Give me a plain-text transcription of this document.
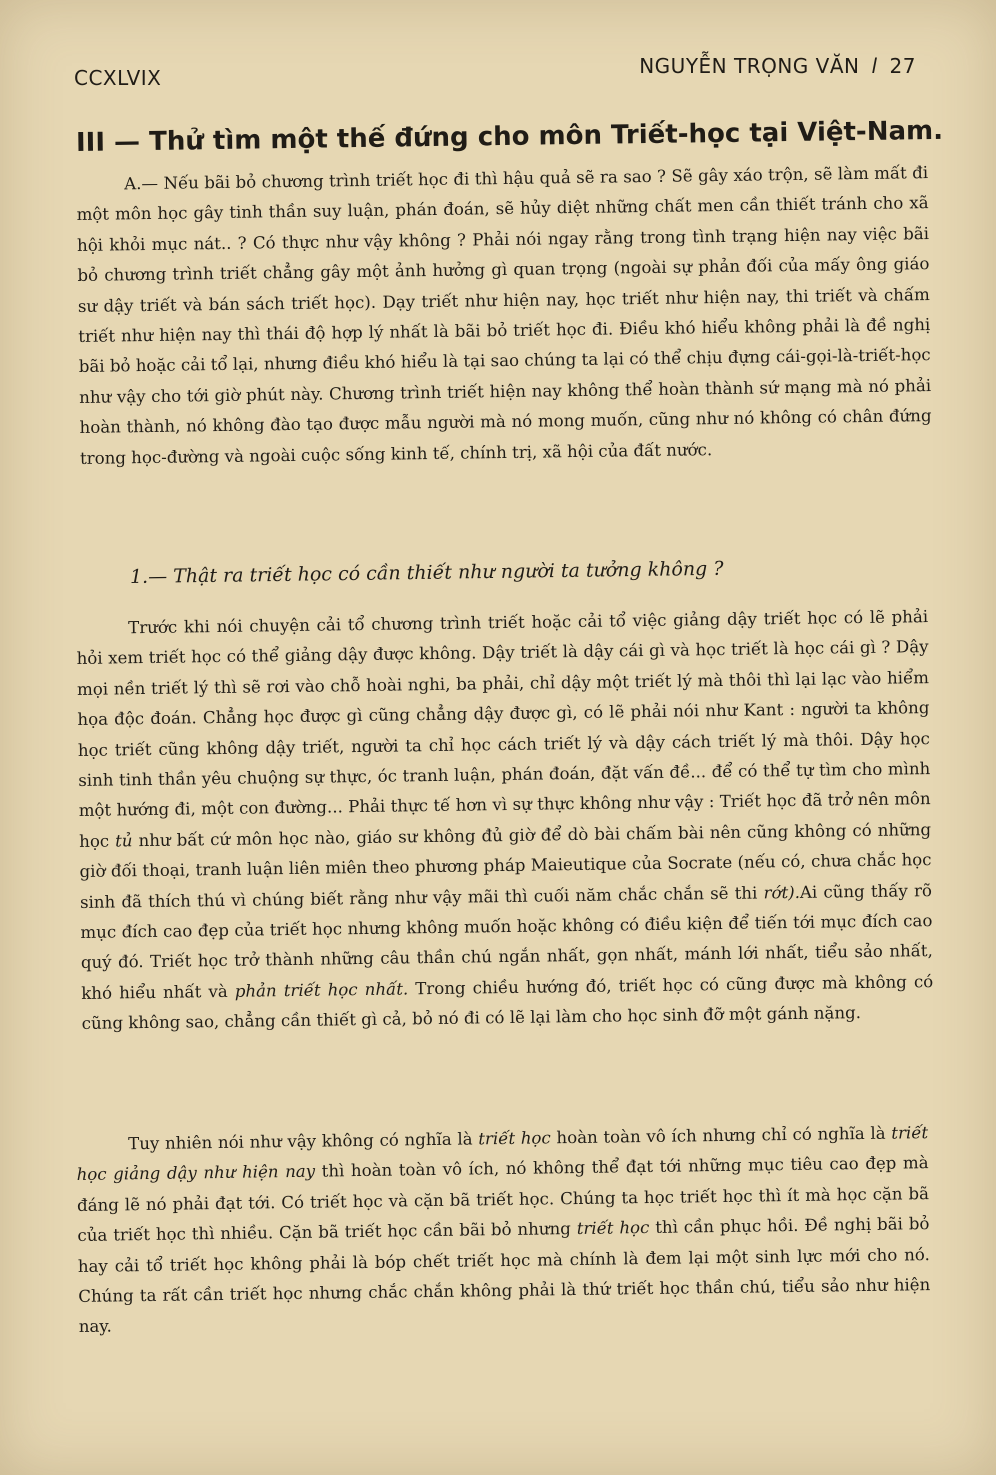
CCXLVIX	NGUYỄN TRỌNG VĂN l 27
III — Thử tìm một thế đứng cho môn Triết-học tại Việt-Nam.

A.— Nếu bãi bỏ chương trình triết học đi thì hậu quả sẽ ra sao ? Sẽ gây xáo trộn, sẽ làm mất đi một môn học gây tinh thần suy luận, phán đoán, sẽ hủy diệt những chất men cần thiết tránh cho xã hội khỏi mục nát.. ? Có thực như vậy không ? Phải nói ngay rằng trong tình trạng hiện nay việc bãi bỏ chương trình triết chẳng gây một ảnh hưởng gì quan trọng (ngoài sự phản đối của mấy ông giáo sư dậy triết và bán sách triết học). Dạy triết như hiện nay, học triết như hiện nay, thi triết và chấm triết như hiện nay thì thái độ hợp lý nhất là bãi bỏ triết học đi. Điều khó hiểu không phải là đề nghị bãi bỏ hoặc cải tổ lại, nhưng điều khó hiểu là tại sao chúng ta lại có thể chịu đựng cái-gọi-là-triết-học như vậy cho tới giờ phút này. Chương trình triết hiện nay không thể hoàn thành sứ mạng mà nó phải hoàn thành, nó không đào tạo được mẫu người mà nó mong muốn, cũng như nó không có chân đứng trong học-đường và ngoài cuộc sống kinh tế, chính trị, xã hội của đất nước.

1.— Thật ra triết học có cần thiết như người ta tưởng không ?

Trước khi nói chuyện cải tổ chương trình triết hoặc cải tổ việc giảng dậy triết học có lẽ phải hỏi xem triết học có thể giảng dậy được không. Dậy triết là dậy cái gì và học triết là học cái gì ? Dậy mọi nền triết lý thì sẽ rơi vào chỗ hoài nghi, ba phải, chỉ dậy một triết lý mà thôi thì lại lạc vào hiểm họa độc đoán. Chẳng học được gì cũng chẳng dậy được gì, có lẽ phải nói như Kant : người ta không học triết cũng không dậy triết, người ta chỉ học cách triết lý và dậy cách triết lý mà thôi. Dậy học sinh tinh thần yêu chuộng sự thực, óc tranh luận, phán đoán, đặt vấn đề... để có thể tự tìm cho mình một hướng đi, một con đường... Phải thực tế hơn vì sự thực không như vậy : Triết học đã trở nên môn học tủ như bất cứ môn học nào, giáo sư không đủ giờ để dò bài chấm bài nên cũng không có những giờ đối thoại, tranh luận liên miên theo phương pháp Maieutique của Socrate (nếu có, chưa chắc học sinh đã thích thú vì chúng biết rằng như vậy mãi thì cuối năm chắc chắn sẽ thi rớt).Ai cũng thấy rõ mục đích cao đẹp của triết học nhưng không muốn hoặc không có điều kiện để tiến tới mục đích cao quý đó. Triết học trở thành những câu thần chú ngắn nhất, gọn nhất, mánh lới nhất, tiểu sảo nhất, khó hiểu nhất và phản triết học nhất. Trong chiều hướng đó, triết học có cũng được mà không có cũng không sao, chẳng cần thiết gì cả, bỏ nó đi có lẽ lại làm cho học sinh đỡ một gánh nặng.

Tuy nhiên nói như vậy không có nghĩa là triết học hoàn toàn vô ích nhưng chỉ có nghĩa là triết học giảng dậy như hiện nay thì hoàn toàn vô ích, nó không thể đạt tới những mục tiêu cao đẹp mà đáng lẽ nó phải đạt tới. Có triết học và cặn bã triết học. Chúng ta học triết học thì ít mà học cặn bã của triết học thì nhiều. Cặn bã triết học cần bãi bỏ nhưng triết học thì cần phục hồi. Đề nghị bãi bỏ hay cải tổ triết học không phải là bóp chết triết học mà chính là đem lại một sinh lực mới cho nó. Chúng ta rất cần triết học nhưng chắc chắn không phải là thứ triết học thần chú, tiểu sảo như hiện nay.
